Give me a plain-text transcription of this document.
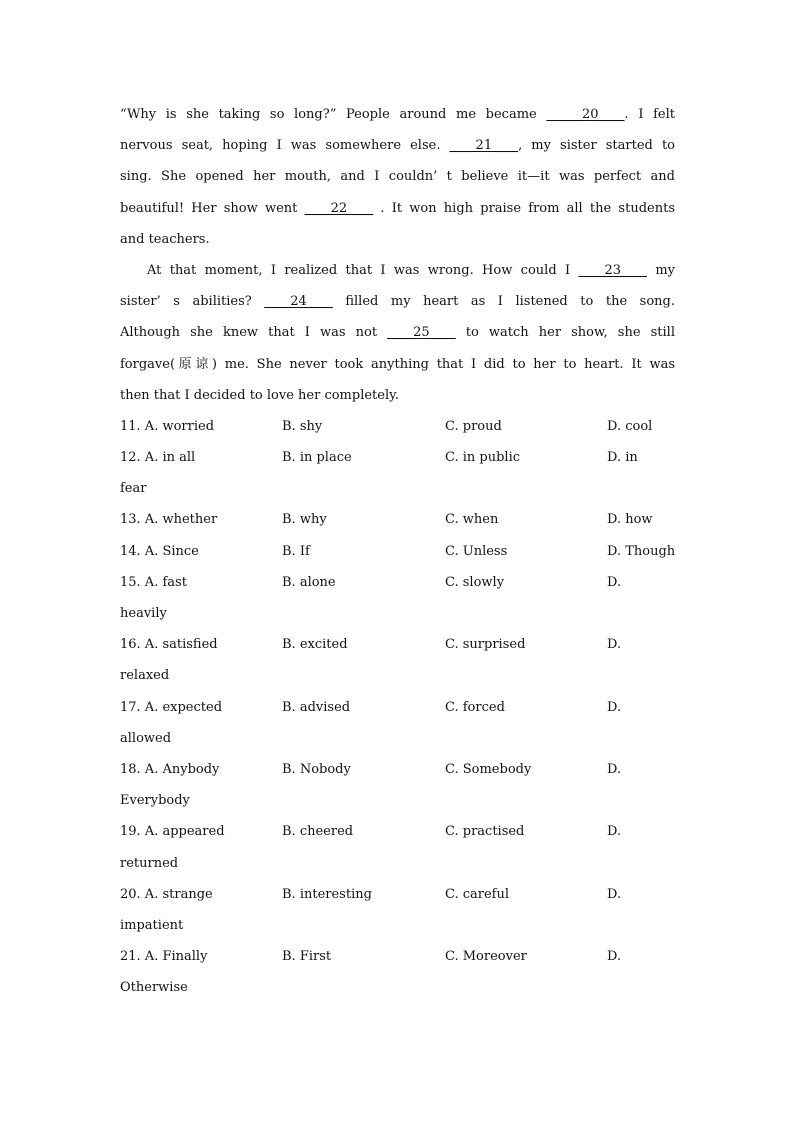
“Why is she taking so long?” People around me became  ____20____. I felt
nervous seat, hoping I was somewhere else. ____21____, my sister started to
sing. She opened her mouth, and I couldn’ t believe it—it was perfect and
beautiful! Her show went ____22____ . It won high praise from all the students
and teachers.
At that moment, I realized that I was wrong. How could I ____23____ my
sister’ s abilities? ____24____ filled my heart as I listened to the song.
Although she knew that I was not ____25____ to watch her show, she still
forgave(原谅) me. She never took anything that I did to her to heart. It was
then that I decided to love her completely.
11. A. worried	B. shy	C. proud	D. cool
12. A. in all	B. in place	C. in public	D. in
fear
13. A. whether	B. why	C. when	D. how
14. A. Since	B. If	C. Unless	D. Though
15. A. fast	B. alone	C. slowly	D.
heavily
16. A. satisfied	B. excited	C. surprised	D.
relaxed
17. A. expected	B. advised	C. forced	D.
allowed
18. A. Anybody	B. Nobody	C. Somebody	D.
Everybody
19. A. appeared	B. cheered	C. practised	D.
returned
20. A. strange	B. interesting	C. careful	D.
impatient
21. A. Finally	B. First	C. Moreover	D.
Otherwise
